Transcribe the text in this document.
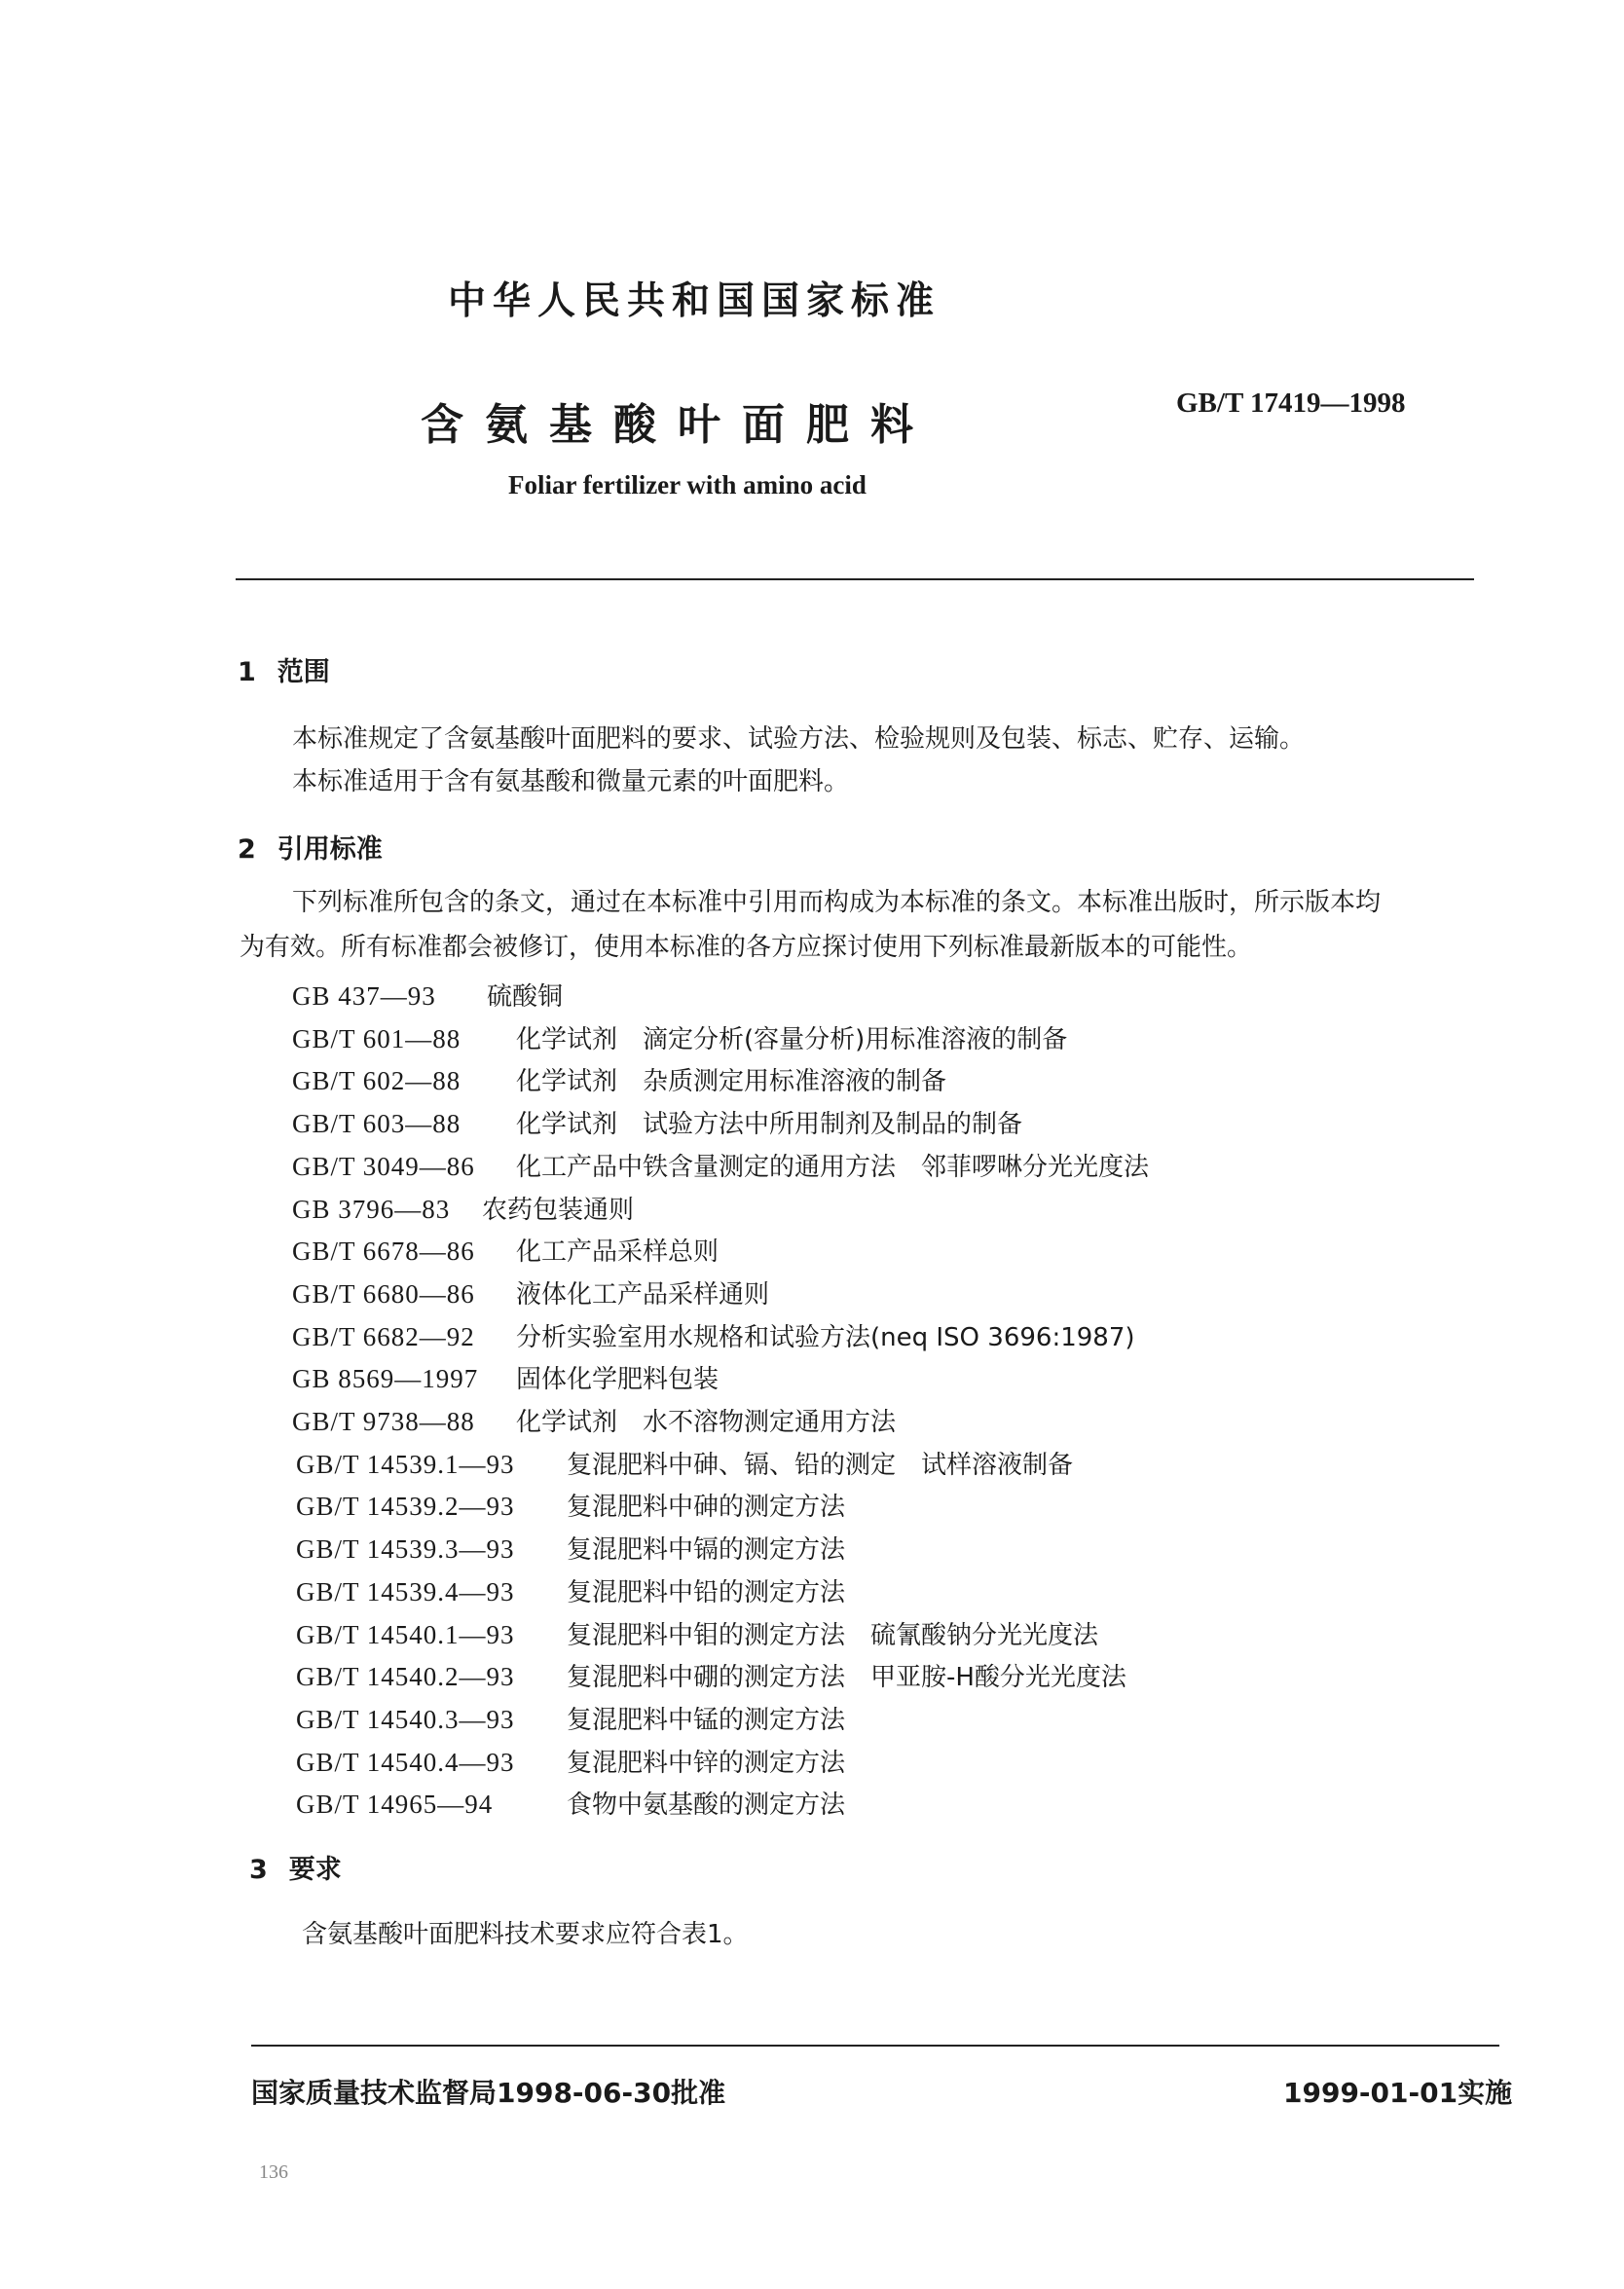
中华人民共和国国家标准
含氨基酸叶面肥料	GB/T 17419—1998
Foliar fertilizer with amino acid
1 范围
本标准规定了含氨基酸叶面肥料的要求、试验方法、检验规则及包装、标志、贮存、运输。
本标准适用于含有氨基酸和微量元素的叶面肥料。
2 引用标准
下列标准所包含的条文，通过在本标准中引用而构成为本标准的条文。本标准出版时，所示版本均
为有效。所有标准都会被修订，使用本标准的各方应探讨使用下列标准最新版本的可能性。
GB 437—93 硫酸铜
GB/T 601—88 化学试剂　滴定分析(容量分析)用标准溶液的制备
GB/T 602—88 化学试剂　杂质测定用标准溶液的制备
GB/T 603—88 化学试剂　试验方法中所用制剂及制品的制备
GB/T 3049—86 化工产品中铁含量测定的通用方法　邻菲啰啉分光光度法
GB 3796—83 农药包装通则
GB/T 6678—86 化工产品采样总则
GB/T 6680—86 液体化工产品采样通则
GB/T 6682—92 分析实验室用水规格和试验方法(neq ISO 3696:1987)
GB 8569—1997 固体化学肥料包装
GB/T 9738—88 化学试剂　水不溶物测定通用方法
GB/T 14539.1—93 复混肥料中砷、镉、铅的测定　试样溶液制备
GB/T 14539.2—93 复混肥料中砷的测定方法
GB/T 14539.3—93 复混肥料中镉的测定方法
GB/T 14539.4—93 复混肥料中铅的测定方法
GB/T 14540.1—93 复混肥料中钼的测定方法　硫氰酸钠分光光度法
GB/T 14540.2—93 复混肥料中硼的测定方法　甲亚胺-H酸分光光度法
GB/T 14540.3—93 复混肥料中锰的测定方法
GB/T 14540.4—93 复混肥料中锌的测定方法
GB/T 14965—94	食物中氨基酸的测定方法
3 要求
含氨基酸叶面肥料技术要求应符合表1。
国家质量技术监督局1998-06-30批准	1999-01-01实施
136
